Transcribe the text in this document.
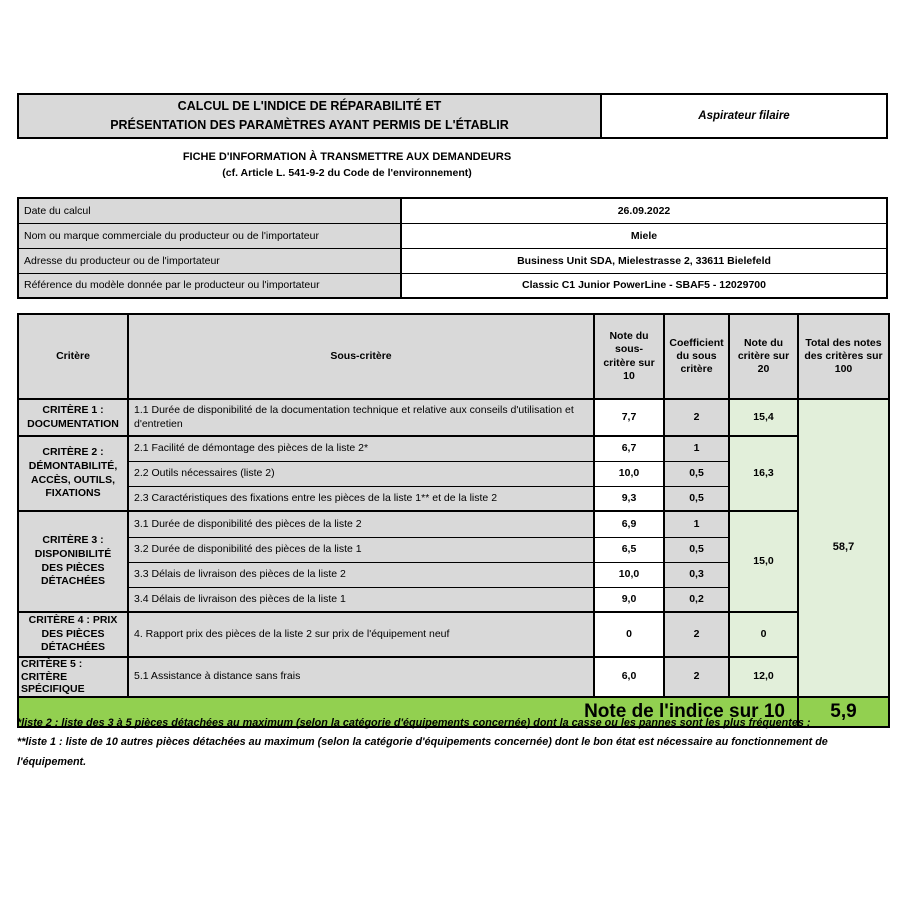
CALCUL DE L'INDICE DE RÉPARABILITÉ ET
PRÉSENTATION DES PARAMÈTRES AYANT PERMIS DE L'ÉTABLIR
Aspirateur filaire
FICHE D'INFORMATION À TRANSMETTRE AUX DEMANDEURS
(cf. Article L. 541-9-2 du Code de l'environnement)
Date du calcul	26.09.2022
Nom ou marque commerciale du producteur ou de l'importateur	Miele
Adresse du producteur ou de l'importateur	Business Unit SDA, Mielestrasse 2, 33611 Bielefeld
Référence du modèle donnée par le producteur ou l'importateur	Classic C1 Junior PowerLine - SBAF5 - 12029700
Critère	Sous-critère	Note du sous-critère sur 10	Coefficient du sous critère	Note du critère sur 20	Total des notes des critères sur 100
CRITÈRE 1 : DOCUMENTATION	1.1 Durée de disponibilité de la documentation technique et relative aux conseils d'utilisation et d'entretien	7,7	2	15,4	58,7
CRITÈRE 2 : DÉMONTABILITÉ, ACCÈS, OUTILS, FIXATIONS	2.1 Facilité de démontage des pièces de la liste 2*	6,7	1	16,3	
	2.2 Outils nécessaires (liste 2)	10,0	0,5		
	2.3 Caractéristiques des fixations entre les pièces de la liste 1** et de la liste 2	9,3	0,5		
CRITÈRE 3 : DISPONIBILITÉ DES PIÈCES DÉTACHÉES	3.1 Durée de disponibilité des pièces de la liste 2	6,9	1	15,0	
	3.2 Durée de disponibilité des pièces de la liste 1	6,5	0,5		
	3.3 Délais de livraison des pièces de la liste 2	10,0	0,3		
	3.4 Délais de livraison des pièces de la liste 1	9,0	0,2		
CRITÈRE 4 : PRIX DES PIÈCES DÉTACHÉES	4. Rapport prix des pièces de la liste 2 sur prix de l'équipement neuf	0	2	0	
CRITÈRE 5 : CRITÈRE SPÉCIFIQUE	5.1 Assistance à distance sans frais	6,0	2	12,0	
Note de l'indice sur 10					5,9
*liste 2 : liste des 3 à 5 pièces détachées au maximum (selon la catégorie d'équipements concernée) dont la casse ou les pannes sont les plus fréquentes ;
**liste 1 : liste de 10 autres pièces détachées au maximum (selon la catégorie d'équipements concernée) dont le bon état est nécessaire au fonctionnement de l'équipement.
